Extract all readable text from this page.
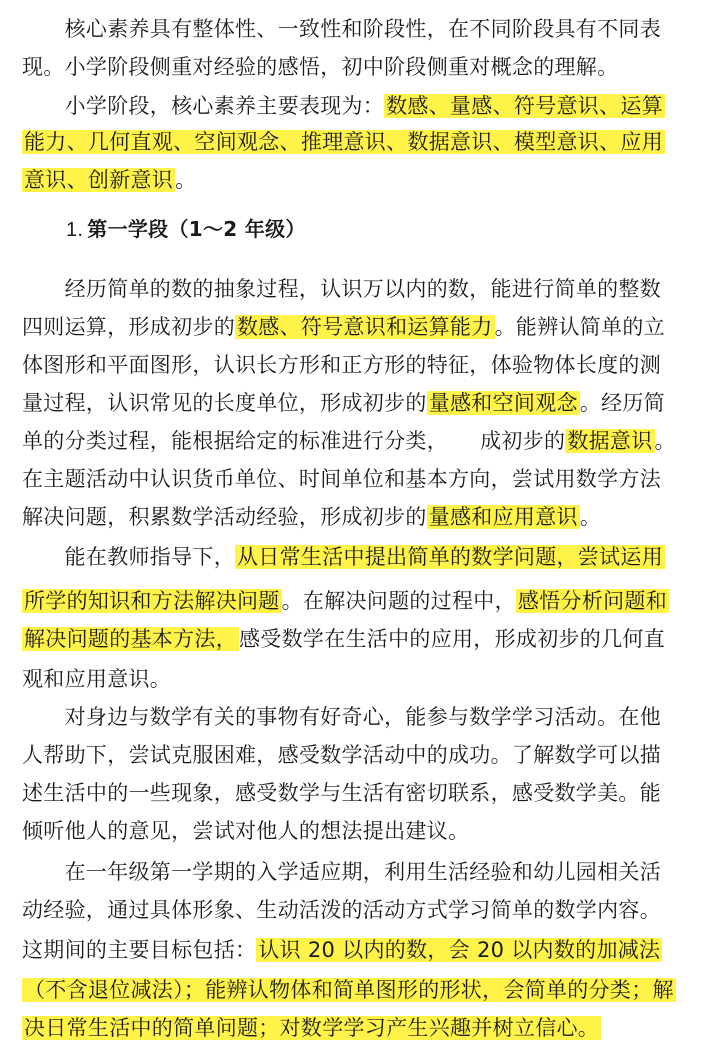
　　核心素养具有整体性、一致性和阶段性，在不同阶段具有不同表
现。小学阶段侧重对经验的感悟，初中阶段侧重对概念的理解。
　　小学阶段，核心素养主要表现为：数感、量感、符号意识、运算
能力、几何直观、空间观念、推理意识、数据意识、模型意识、应用
意识、创新意识。
1. 第一学段（1～2 年级）
　　经历简单的数的抽象过程，认识万以内的数，能进行简单的整数
四则运算，形成初步的数感、符号意识和运算能力。能辨认简单的立
体图形和平面图形，认识长方形和正方形的特征，体验物体长度的测
量过程，认识常见的长度单位，形成初步的量感和空间观念。经历简
单的分类过程，能根据给定的标准进行分类，　　成初步的数据意识。
在主题活动中认识货币单位、时间单位和基本方向，尝试用数学方法
解决问题，积累数学活动经验，形成初步的量感和应用意识。
　　能在教师指导下，从日常生活中提出简单的数学问题，尝试运用
所学的知识和方法解决问题。在解决问题的过程中，感悟分析问题和
解决问题的基本方法，感受数学在生活中的应用，形成初步的几何直
观和应用意识。
　　对身边与数学有关的事物有好奇心，能参与数学学习活动。在他
人帮助下，尝试克服困难，感受数学活动中的成功。了解数学可以描
述生活中的一些现象，感受数学与生活有密切联系，感受数学美。能
倾听他人的意见，尝试对他人的想法提出建议。
　　在一年级第一学期的入学适应期，利用生活经验和幼儿园相关活
动经验，通过具体形象、生动活泼的活动方式学习简单的数学内容。
这期间的主要目标包括：认识 20 以内的数，会 20 以内数的加减法
（不含退位减法）；能辨认物体和简单图形的形状，会简单的分类；解
决日常生活中的简单问题；对数学学习产生兴趣并树立信心。
